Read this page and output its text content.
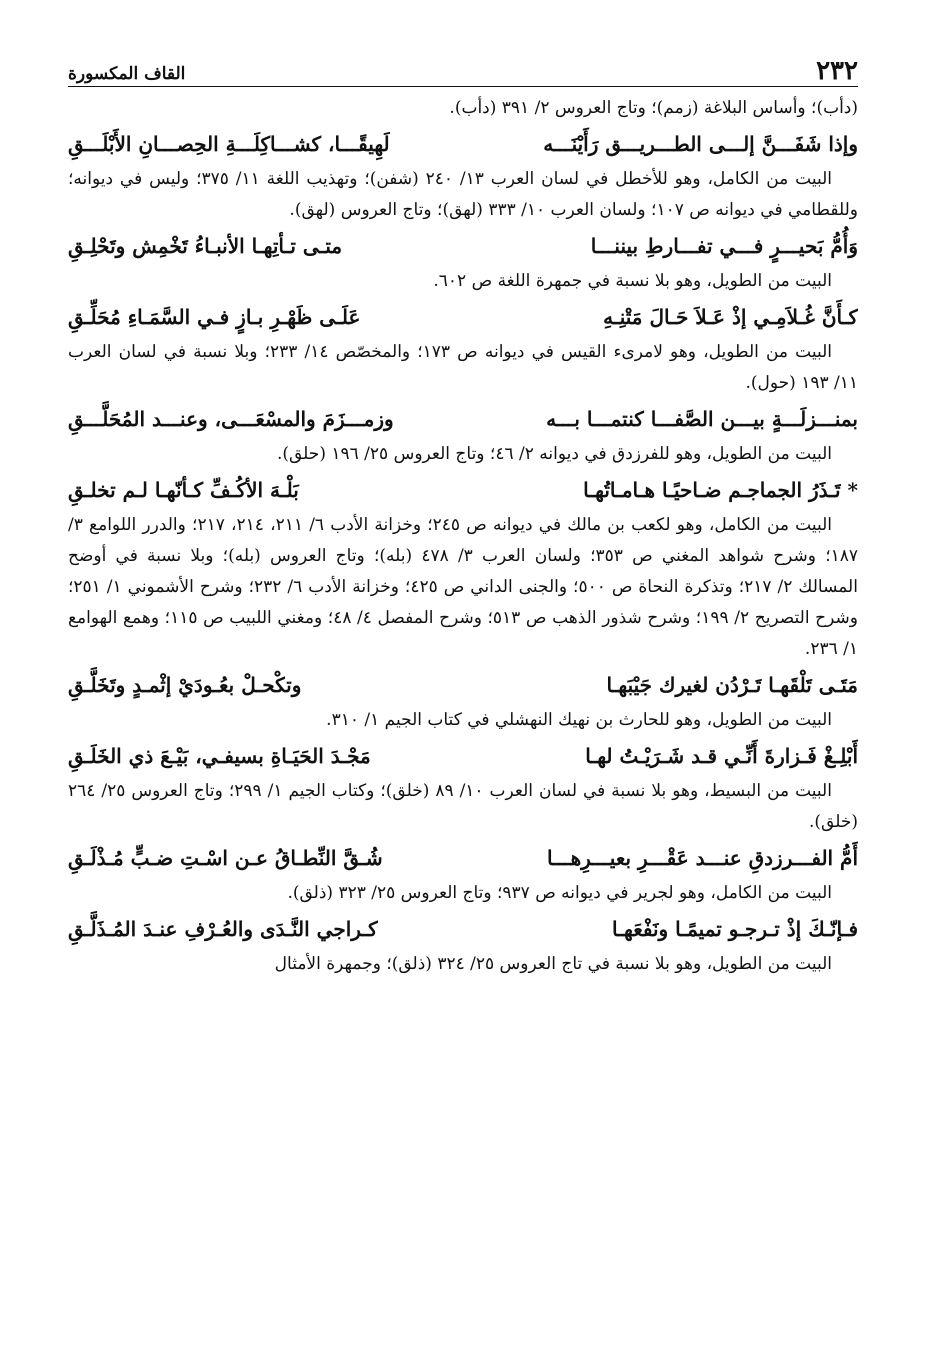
٢٣٢
القاف المكسورة

(دأب)؛ وأساس البلاغة (زمم)؛ وتاج العروس ٢/ ٣٩١ (دأب).

وإذا شَفَـــنَّ إلـــى الطـــريـــق رَأَيْنَـــه
لَهِيقًـــا، كشـــاكِلَـــةِ الحِصـــانِ الأَبْلَـــقِ

البيت من الكامل، وهو للأخطل في لسان العرب ١٣/ ٢٤٠ (شفن)؛ وتهذيب اللغة ١١/ ٣٧٥؛ وليس في ديوانه؛ وللقطامي في ديوانه ص ١٠٧؛ ولسان العرب ١٠/ ٣٣٣ (لهق)؛ وتاج العروس (لهق).

وَأُمُّ بَحيـــرٍ فـــي تفـــارطِ بيننـــا
متـى تـأتِهـا الأنبـاءُ تَخْمِش وتَحْلِـقِ

البيت من الطويل، وهو بلا نسبة في جمهرة اللغة ص ٦٠٢.

كـأَنَّ غُـلاَمِـي إذْ عَـلاَ حَـالَ مَتْنِـهِ
عَلَـى ظَهْـرِ بـازٍ فـي السَّمَـاءِ مُحَلِّـقِ

البيت من الطويل، وهو لامرىء القيس في ديوانه ص ١٧٣؛ والمخصّص ١٤/ ٢٣٣؛ وبلا نسبة في لسان العرب ١١/ ١٩٣ (حول).

بمنـــزلَـــةٍ بيـــن الصَّفـــا كنتمـــا بـــه
وزمـــزَمَ والمسْعَـــى، وعنـــد المُحَلَّـــقِ

البيت من الطويل، وهو للفرزدق في ديوانه ٢/ ٤٦؛ وتاج العروس ٢٥/ ١٩٦ (حلق).

* تَـذَرُ الجماجـم ضـاحيًـا هـامـاتُهـا
بَلْـهَ الأكُـفِّ كـأنّهـا لـم تخلـقِ

البيت من الكامل، وهو لكعب بن مالك في ديوانه ص ٢٤٥؛ وخزانة الأدب ٦/ ٢١١، ٢١٤، ٢١٧؛ والدرر اللوامع ٣/ ١٨٧؛ وشرح شواهد المغني ص ٣٥٣؛ ولسان العرب ٣/ ٤٧٨ (بله)؛ وتاج العروس (بله)؛ وبلا نسبة في أوضح المسالك ٢/ ٢١٧؛ وتذكرة النحاة ص ٥٠٠؛ والجنى الداني ص ٤٢٥؛ وخزانة الأدب ٦/ ٢٣٢؛ وشرح الأشموني ١/ ٢٥١؛ وشرح التصريح ٢/ ١٩٩؛ وشرح شذور الذهب ص ٥١٣؛ وشرح المفصل ٤/ ٤٨؛ ومغني اللبيب ص ١١٥؛ وهمع الهوامع ١/ ٢٣٦.

مَتَـى تَلْقَهـا تَـرْدُن لغيرك جَيْبَهـا
وتكْحـلْ بعُـودَيْ إثْمـدٍ وتَخَلَّـقِ

البيت من الطويل، وهو للحارث بن نهيك النهشلي في كتاب الجيم ١/ ٣١٠.

أَبْلِـغْ فَـزارةَ أَنِّـي قـد شَـرَيْـتُ لهـا
مَجْـدَ الحَيَـاةِ بسيفـي، بَيْـعَ ذي الخَلَـقِ

البيت من البسيط، وهو بلا نسبة في لسان العرب ١٠/ ٨٩ (خلق)؛ وكتاب الجيم ١/ ٢٩٩؛ وتاج العروس ٢٥/ ٢٦٤ (خلق).

أَمُّ الفـــرزدقِ عنـــد عَقْـــرِ بعيـــرِهـــا
شُـقَّ النِّطـاقُ عـن اسْـتِ ضـبٍّ مُـذْلَـقِ

البيت من الكامل، وهو لجرير في ديوانه ص ٩٣٧؛ وتاج العروس ٢٥/ ٣٢٣ (ذلق).

فـإنّـكَ إذْ تـرجـو تميمًـا ونَفْعَهـا
كـراجي النَّـدَى والعُـرْفِ عنـدَ المُـذَلَّـقِ

البيت من الطويل، وهو بلا نسبة في تاج العروس ٢٥/ ٣٢٤ (ذلق)؛ وجمهرة الأمثال
